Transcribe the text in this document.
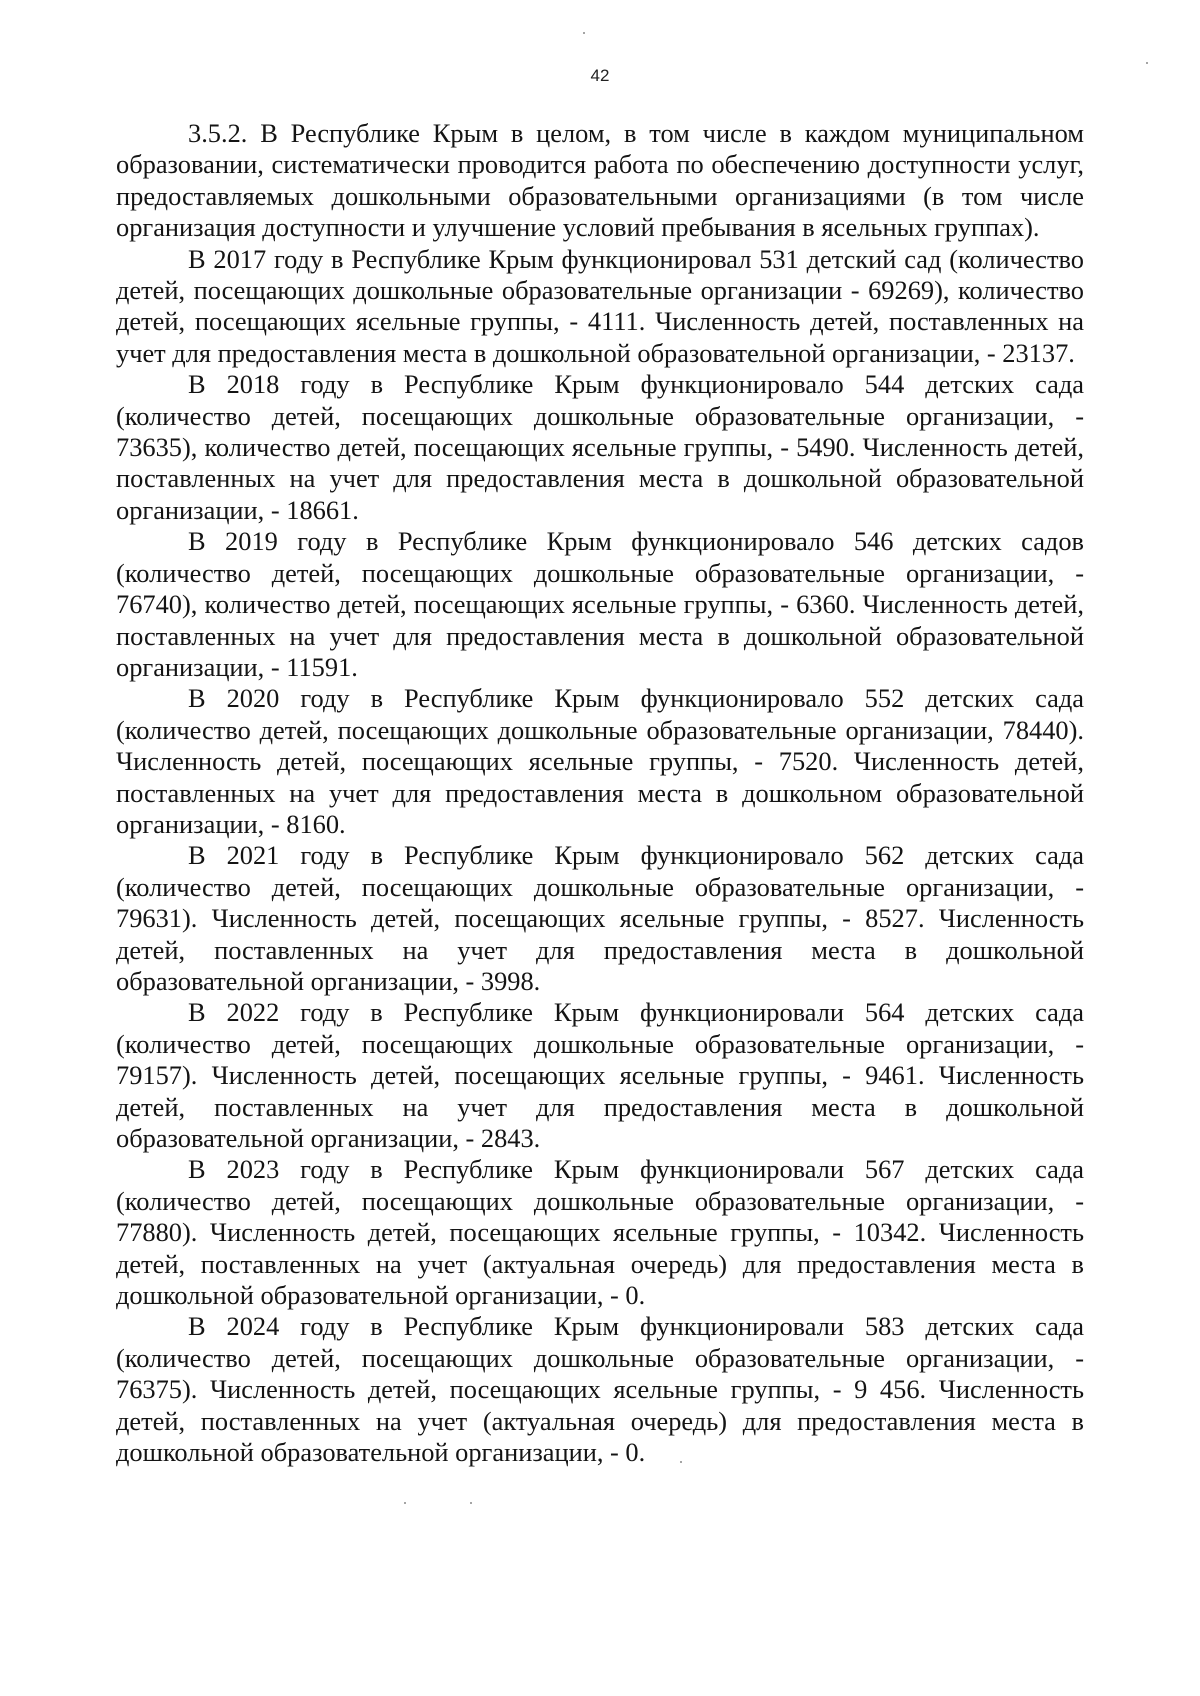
42

3.5.2. В Республике Крым в целом, в том числе в каждом муниципальном образовании, систематически проводится работа по обеспечению доступности услуг, предоставляемых дошкольными образовательными организациями (в том числе организация доступности и улучшение условий пребывания в ясельных группах).

В 2017 году в Республике Крым функционировал 531 детский сад (количество детей, посещающих дошкольные образовательные организации - 69269), количество детей, посещающих ясельные группы, - 4111. Численность детей, поставленных на учет для предоставления места в дошкольной образовательной организации, - 23137.

В 2018 году в Республике Крым функционировало 544 детских сада (количество детей, посещающих дошкольные образовательные организации, - 73635), количество детей, посещающих ясельные группы, - 5490. Численность детей, поставленных на учет для предоставления места в дошкольной образовательной организации, - 18661.

В 2019 году в Республике Крым функционировало 546 детских садов (количество детей, посещающих дошкольные образовательные организации, - 76740), количество детей, посещающих ясельные группы, - 6360. Численность детей, поставленных на учет для предоставления места в дошкольной образовательной организации, - 11591.

В 2020 году в Республике Крым функционировало 552 детских сада (количество детей, посещающих дошкольные образовательные организации, 78440). Численность детей, посещающих ясельные группы, - 7520. Численность детей, поставленных на учет для предоставления места в дошкольном образовательной организации, - 8160.

В 2021 году в Республике Крым функционировало 562 детских сада (количество детей, посещающих дошкольные образовательные организации, - 79631). Численность детей, посещающих ясельные группы, - 8527. Численность детей, поставленных на учет для предоставления места в дошкольной образовательной организации, - 3998.

В 2022 году в Республике Крым функционировали 564 детских сада (количество детей, посещающих дошкольные образовательные организации, - 79157). Численность детей, посещающих ясельные группы, - 9461. Численность детей, поставленных на учет для предоставления места в дошкольной образовательной организации, - 2843.

В 2023 году в Республике Крым функционировали 567 детских сада (количество детей, посещающих дошкольные образовательные организации, - 77880). Численность детей, посещающих ясельные группы, - 10342. Численность детей, поставленных на учет (актуальная очередь) для предоставления места в дошкольной образовательной организации, - 0.

В 2024 году в Республике Крым функционировали 583 детских сада (количество детей, посещающих дошкольные образовательные организации, - 76375). Численность детей, посещающих ясельные группы, - 9 456. Численность детей, поставленных на учет (актуальная очередь) для предоставления места в дошкольной образовательной организации, - 0.
